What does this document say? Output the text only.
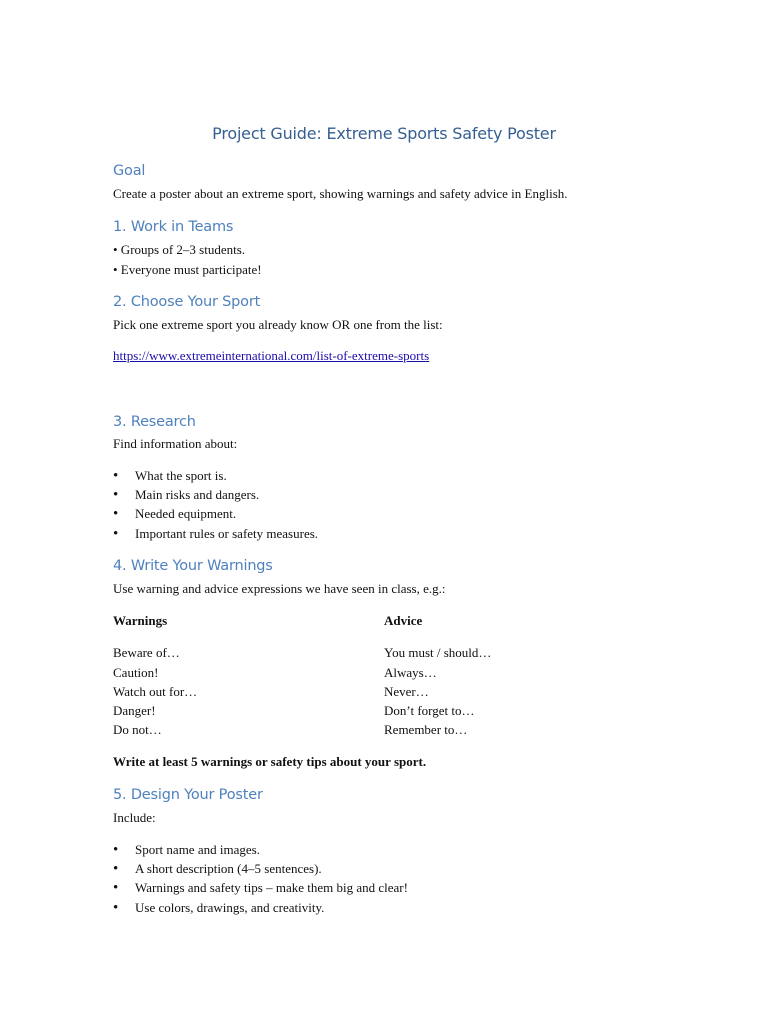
Project Guide: Extreme Sports Safety Poster
Goal
Create a poster about an extreme sport, showing warnings and safety advice in English.
1. Work in Teams
• Groups of 2–3 students.
• Everyone must participate!
2. Choose Your Sport
Pick one extreme sport you already know OR one from the list:
https://www.extremeinternational.com/list-of-extreme-sports
3. Research
Find information about:
• What the sport is.
• Main risks and dangers.
• Needed equipment.
• Important rules or safety measures.
4. Write Your Warnings
Use warning and advice expressions we have seen in class, e.g.:
Warnings	Advice
Beware of…
Caution!
Watch out for…
Danger!
Do not…
You must / should…
Always…
Never…
Don’t forget to…
Remember to…
Write at least 5 warnings or safety tips about your sport.
5. Design Your Poster
Include:
• Sport name and images.
• A short description (4–5 sentences).
• Warnings and safety tips – make them big and clear!
• Use colors, drawings, and creativity.
